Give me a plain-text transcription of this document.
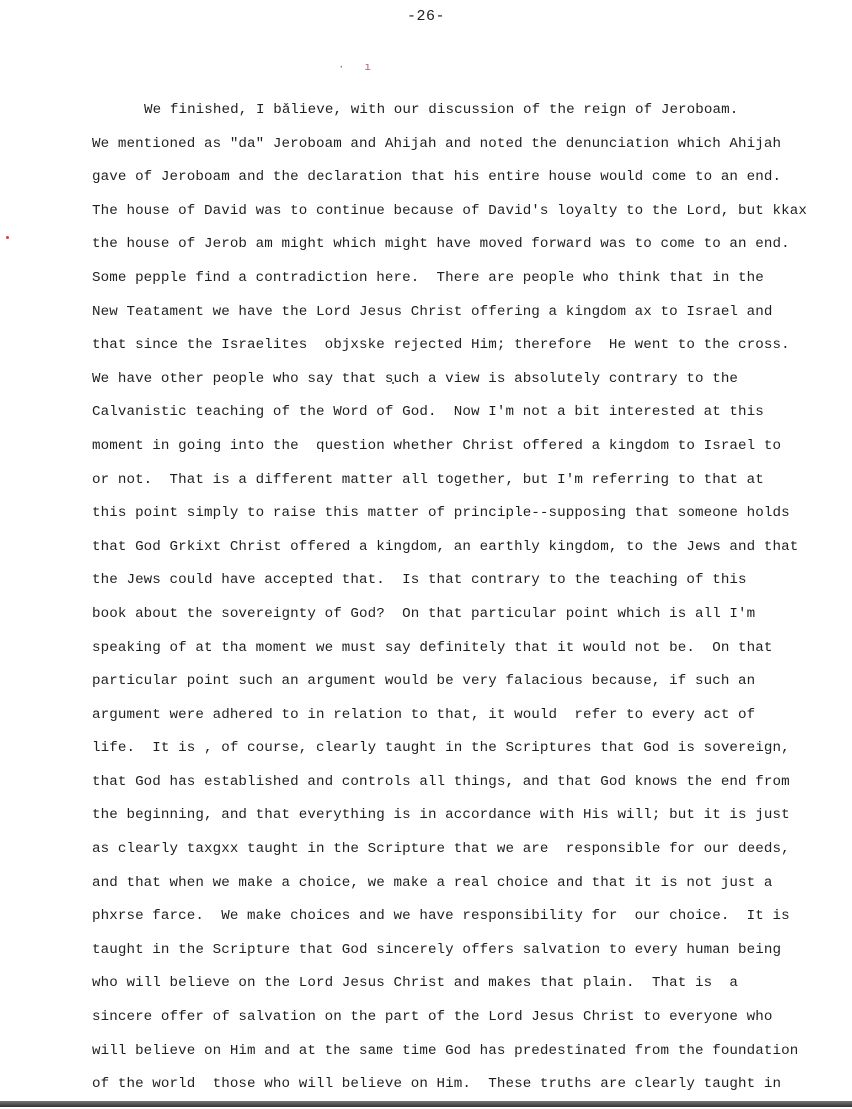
-26-
·   ı
We finished, I bǎlieve, with our discussion of the reign of Jeroboam.
We mentioned as "da" Jeroboam and Ahijah and noted the denunciation which Ahijah
gave of Jeroboam and the declaration that his entire house would come to an end.
The house of David was to continue because of David's loyalty to the Lord, but kkax
the house of Jerob am might which might have moved forward was to come to an end.
Some pepple find a contradiction here.  There are people who think that in the
New Teatament we have the Lord Jesus Christ offering a kingdom ax to Israel and
that since the Israelites  objxske rejected Him; therefore  He went to the cross.
We have other people who say that such a view is absolutely contrary to the
Calvanistic teaching of the Word of God.  Now I'm not a bit interested at this
moment in going into the  question whether Christ offered a kingdom to Israel to
or not.  That is a different matter all together, but I'm referring to that at
this point simply to raise this matter of principle--supposing that someone holds
that God Grkixt Christ offered a kingdom, an earthly kingdom, to the Jews and that
the Jews could have accepted that.  Is that contrary to the teaching of this
book about the sovereignty of God?  On that particular point which is all I'm
speaking of at tha moment we must say definitely that it would not be.  On that
particular point such an argument would be very falacious because, if such an
argument were adhered to in relation to that, it would  refer to every act of
life.  It is , of course, clearly taught in the Scriptures that God is sovereign,
that God has established and controls all things, and that God knows the end from
the beginning, and that everything is in accordance with His will; but it is just
as clearly taxgxx taught in the Scripture that we are  responsible for our deeds,
and that when we make a choice, we make a real choice and that it is not just a
phxrse farce.  We make choices and we have responsibility for  our choice.  It is
taught in the Scripture that God sincerely offers salvation to every human being
who will believe on the Lord Jesus Christ and makes that plain.  That is  a
sincere offer of salvation on the part of the Lord Jesus Christ to everyone who
will believe on Him and at the same time God has predestinated from the foundation
of the world  those who will believe on Him.  These truths are clearly taught in
